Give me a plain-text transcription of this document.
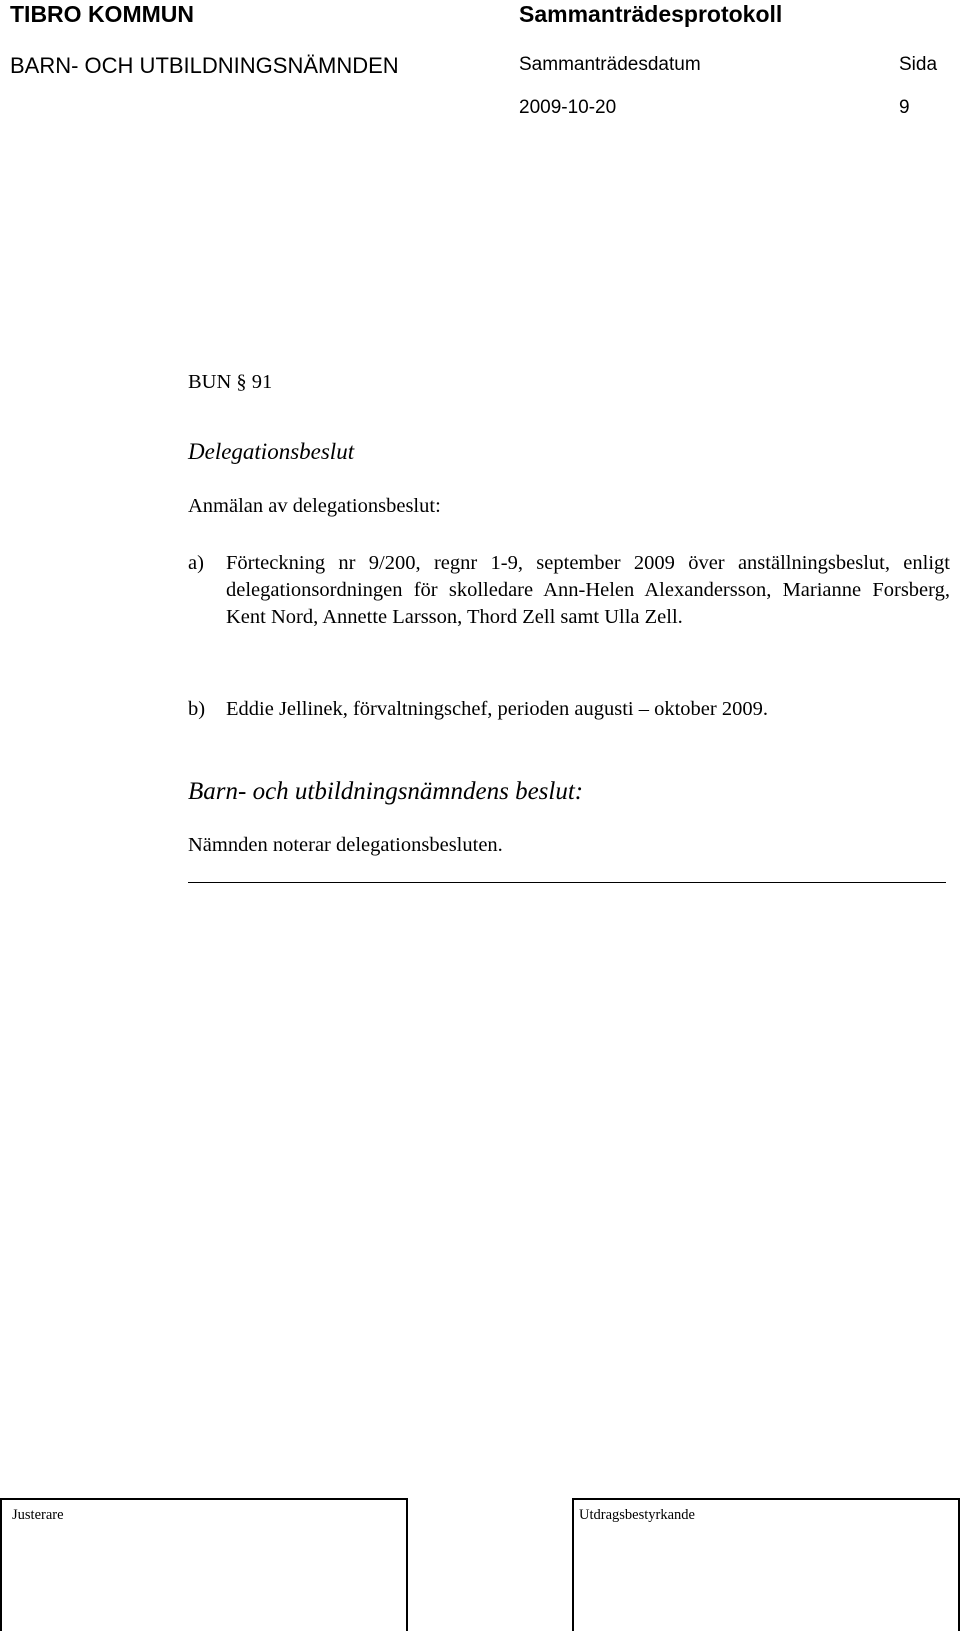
TIBRO KOMMUN	Sammanträdesprotokoll
BARN- OCH UTBILDNINGSNÄMNDEN	Sammanträdesdatum	Sida
2009-10-20	9
BUN § 91
Delegationsbeslut
Anmälan av delegationsbeslut:
a) Förteckning nr 9/200, regnr 1-9, september 2009 över anställningsbeslut, enligt delegationsordningen för skolledare Ann-Helen Alexandersson, Marianne Forsberg, Kent Nord, Annette Larsson, Thord Zell samt Ulla Zell.
b) Eddie Jellinek, förvaltningschef, perioden augusti – oktober 2009.
Barn- och utbildningsnämndens beslut:
Nämnden noterar delegationsbesluten.
Justerare	Utdragsbestyrkande
